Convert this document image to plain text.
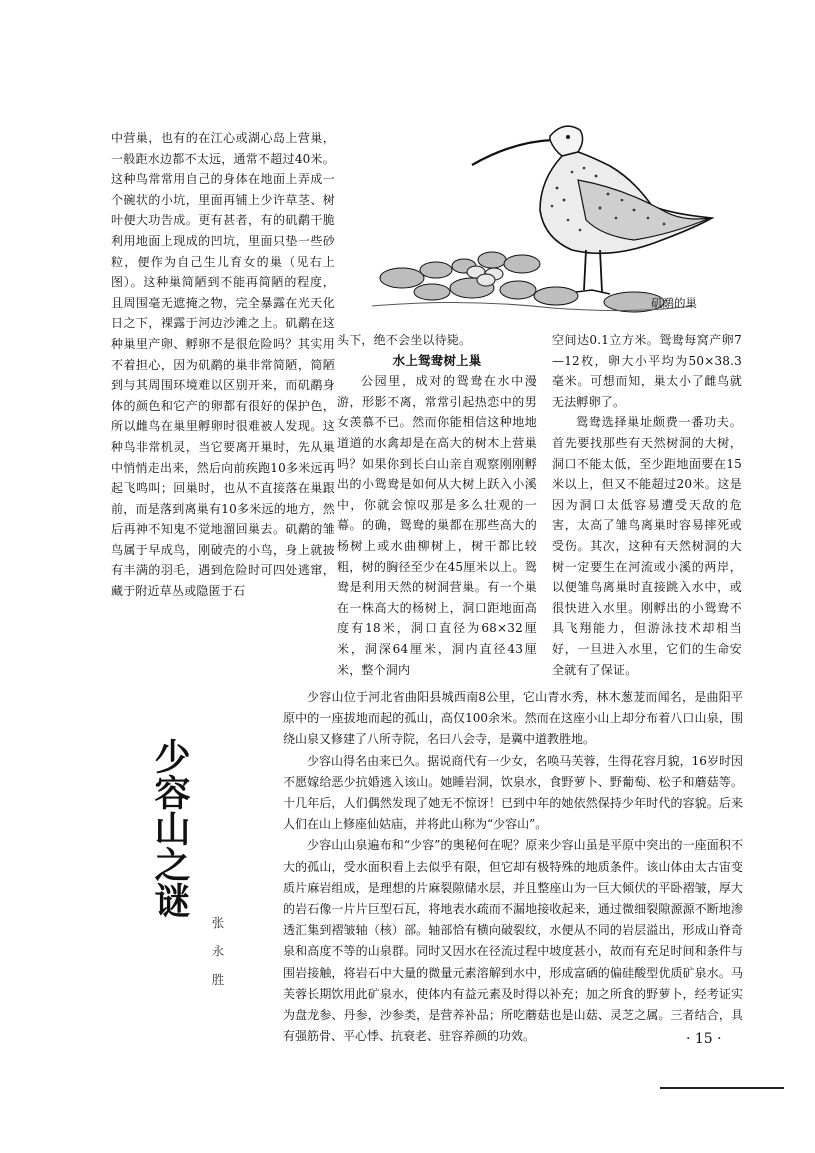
中营巢，也有的在江心或湖心岛上营巢，一般距水边都不太远，通常不超过40米。这种鸟常常用自己的身体在地面上弄成一个碗状的小坑，里面再铺上少许草茎、树叶便大功告成。更有甚者，有的矶鹬干脆利用地面上现成的凹坑，里面只垫一些砂粒，便作为自己生儿育女的巢（见右上图）。这种巢简陋到不能再简陋的程度，且周围毫无遮掩之物，完全暴露在光天化日之下，裸露于河边沙滩之上。矶鹬在这种巢里产卵、孵卵不是很危险吗？其实用不着担心，因为矶鹬的巢非常简陋，简陋到与其周围环境难以区别开来，而矶鹬身体的颜色和它产的卵都有很好的保护色，所以雌鸟在巢里孵卵时很难被人发现。这种鸟非常机灵，当它要离开巢时，先从巢中悄悄走出来，然后向前疾跑10多米远再起飞鸣叫；回巢时，也从不直接落在巢跟前，而是落到离巢有10多米远的地方，然后再神不知鬼不觉地溜回巢去。矶鹬的雏鸟属于早成鸟，刚破壳的小鸟，身上就披有丰满的羽毛，遇到危险时可四处逃窜，藏于附近草丛或隐匿于石

头下，绝不会坐以待毙。

水上鸳鸯树上巢

公园里，成对的鸳鸯在水中漫游，形影不离，常常引起热恋中的男女羡慕不已。然而你能相信这种地地道道的水禽却是在高大的树木上营巢吗？如果你到长白山亲自观察刚刚孵出的小鸳鸯是如何从大树上跃入小溪中，你就会惊叹那是多么壮观的一幕。的确，鸳鸯的巢都在那些高大的杨树上或水曲柳树上，树干都比较粗，树的胸径至少在45厘米以上。鸳鸯是利用天然的树洞营巢。有一个巢在一株高大的杨树上，洞口距地面高度有18米，洞口直径为68×32厘米，洞深64厘米，洞内直径43厘米，整个洞内

空间达0.1立方米。鸳鸯每窝产卵7—12枚，卵大小平均为50×38.3毫米。可想而知，巢太小了雌鸟就无法孵卵了。

鸳鸯选择巢址颇费一番功夫。首先要找那些有天然树洞的大树，洞口不能太低，至少距地面要在15米以上，但又不能超过20米。这是因为洞口太低容易遭受天敌的危害，太高了雏鸟离巢时容易摔死或受伤。其次，这种有天然树洞的大树一定要生在河流或小溪的两岸，以便雏鸟离巢时直接跳入水中，或很快进入水里。刚孵出的小鸳鸯不具飞翔能力，但游泳技术却相当好，一旦进入水里，它们的生命安全就有了保证。

矶鹬的巢
少容山之谜
张永胜

少容山位于河北省曲阳县城西南8公里，它山青水秀，林木葱茏而闻名，是曲阳平原中的一座拔地而起的孤山，高仅100余米。然而在这座小山上却分布着八口山泉，围绕山泉又修建了八所寺院，名曰八会寺，是冀中道教胜地。

少容山得名由来已久。据说商代有一少女，名唤马芙蓉，生得花容月貌，16岁时因不愿嫁给恶少抗婚逃入该山。她睡岩洞，饮泉水，食野萝卜、野葡萄、松子和蘑菇等。十几年后，人们偶然发现了她无不惊讶！已到中年的她依然保持少年时代的容貌。后来人们在山上修座仙姑庙，并将此山称为“少容山”。

少容山山泉遍布和“少容”的奥秘何在呢？原来少容山虽是平原中突出的一座面积不大的孤山，受水面积看上去似乎有限，但它却有极特殊的地质条件。该山体由太古宙变质片麻岩组成，是理想的片麻裂隙储水层，并且整座山为一巨大倾伏的平卧褶皱，厚大的岩石像一片片巨型石瓦，将地表水疏而不漏地接收起来，通过微细裂隙源源不断地渗透汇集到褶皱轴（核）部。轴部恰有横向破裂纹，水便从不同的岩层溢出，形成山脊奇泉和高度不等的山泉群。同时又因水在径流过程中坡度甚小，故而有充足时间和条件与围岩接触，将岩石中大量的微量元素溶解到水中，形成富硒的偏硅酸型优质矿泉水。马芙蓉长期饮用此矿泉水，使体内有益元素及时得以补充；加之所食的野萝卜，经考证实为盘龙参、丹参，沙参类，是营养补品；所吃蘑菇也是山菇、灵芝之属。三者结合，具有强筋骨、平心悸、抗衰老、驻容养颜的功效。	· 15 ·
